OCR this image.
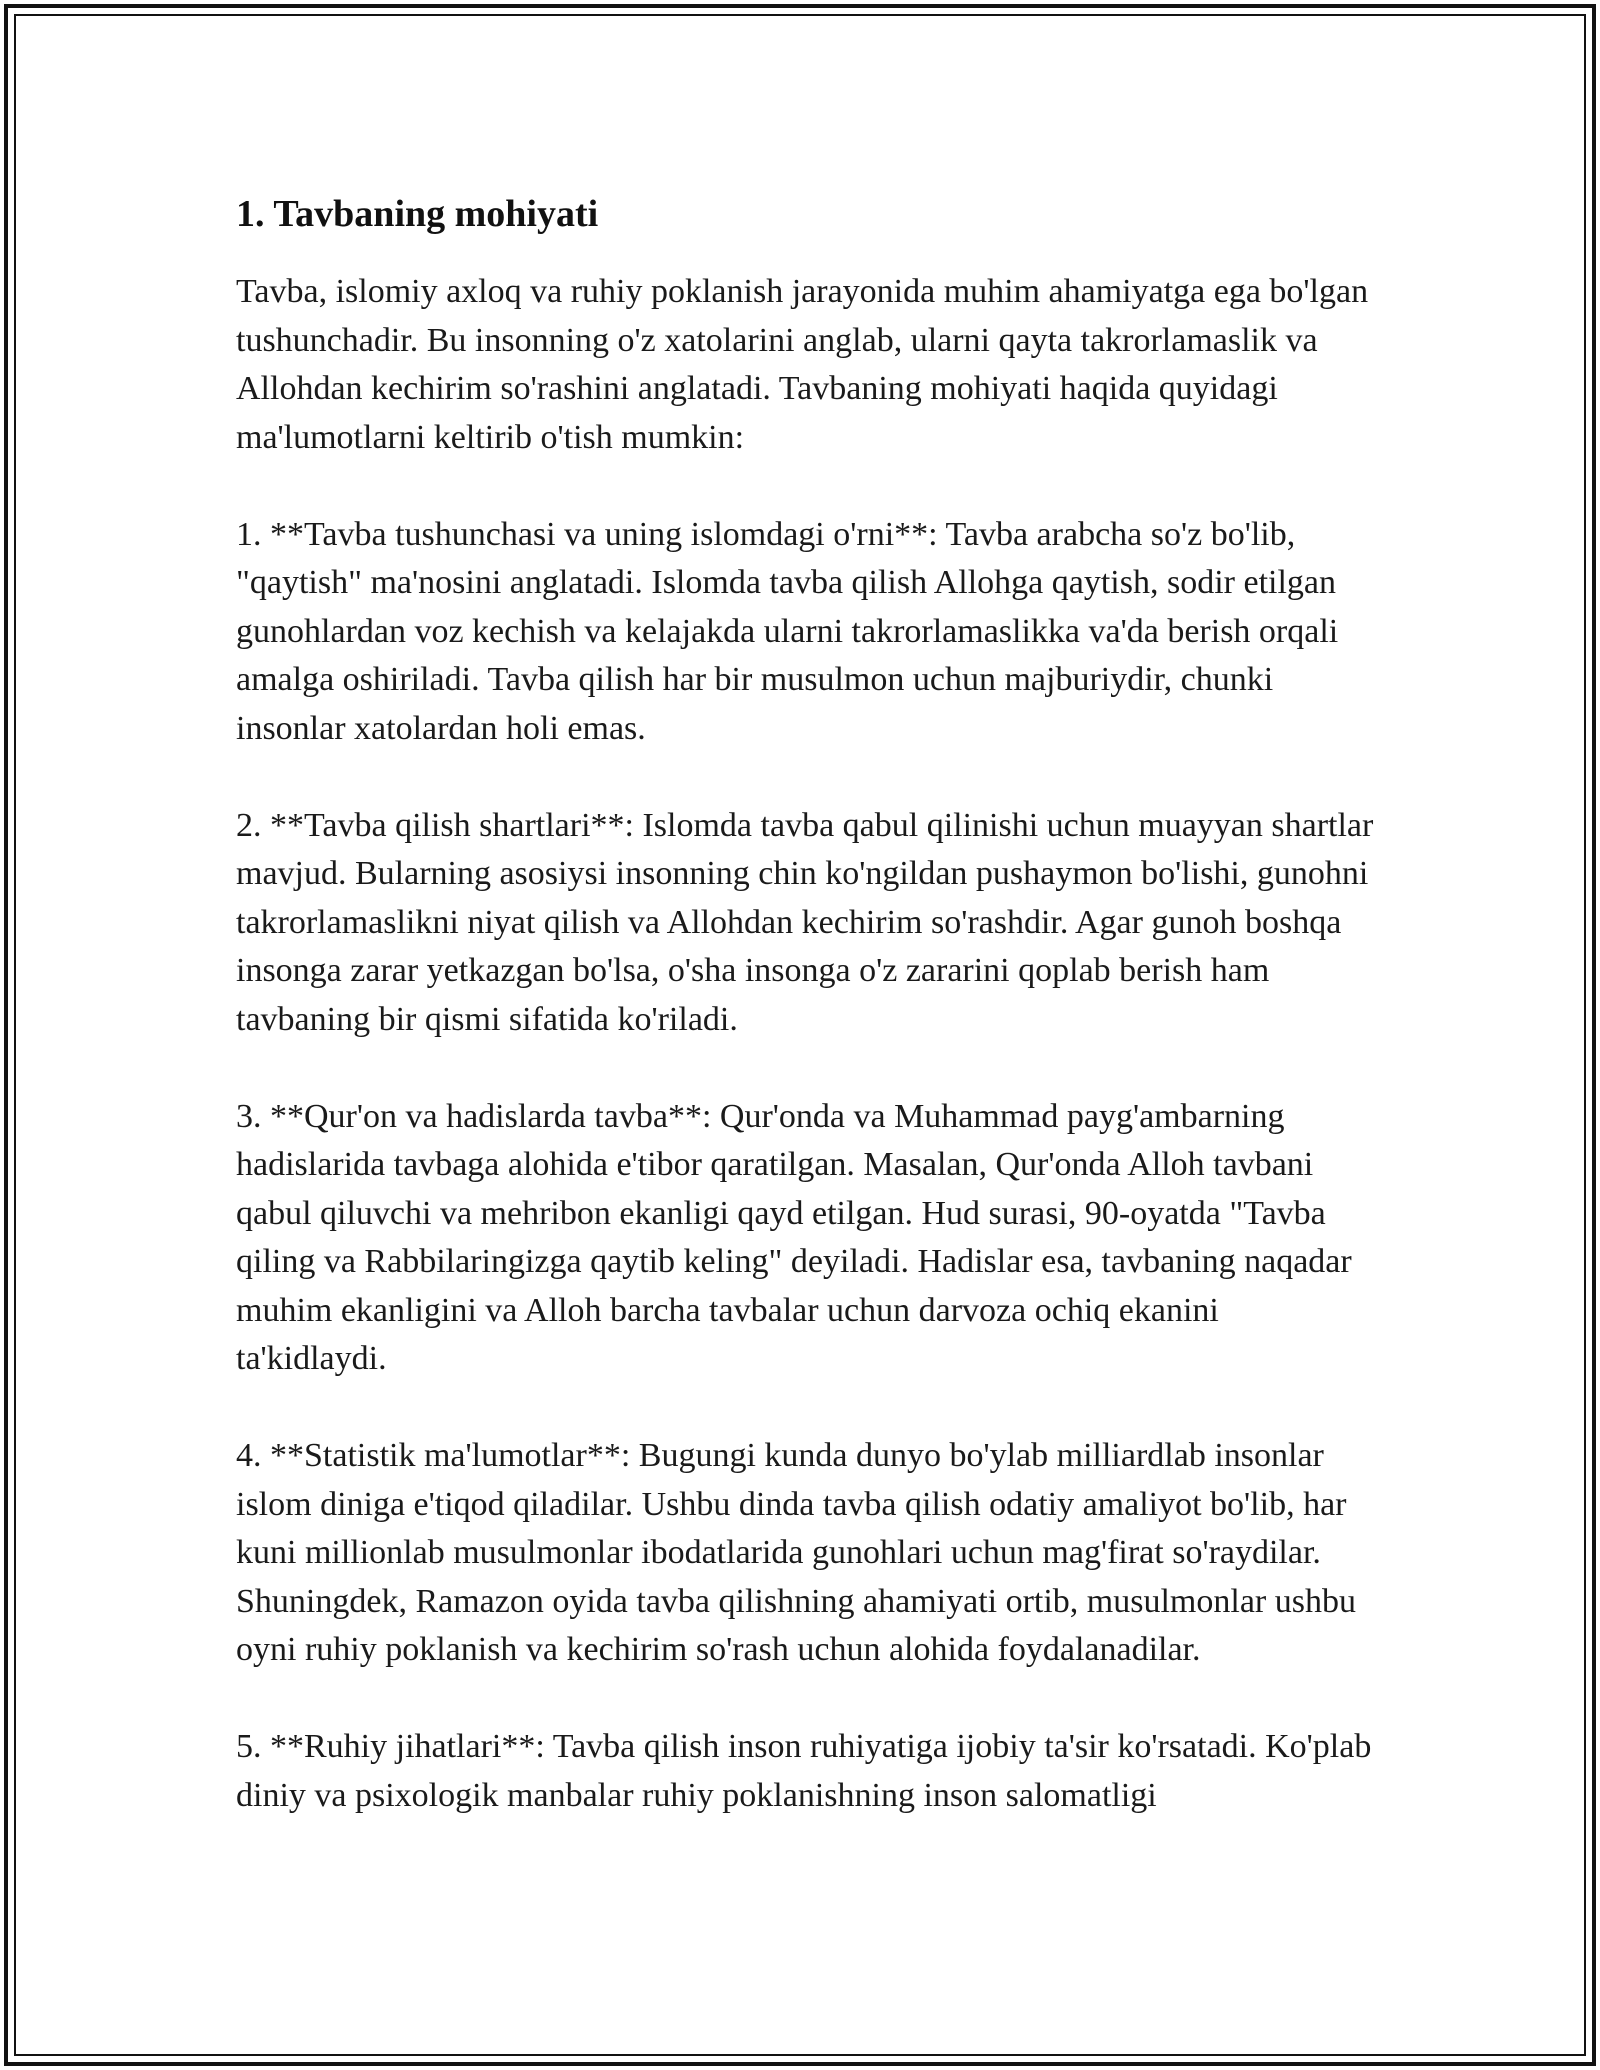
1. Tavbaning mohiyati

Tavba, islomiy axloq va ruhiy poklanish jarayonida muhim ahamiyatga ega bo'lgan tushunchadir. Bu insonning o'z xatolarini anglab, ularni qayta takrorlamaslik va Allohdan kechirim so'rashini anglatadi. Tavbaning mohiyati haqida quyidagi ma'lumotlarni keltirib o'tish mumkin:

1. **Tavba tushunchasi va uning islomdagi o'rni**: Tavba arabcha so'z bo'lib, "qaytish" ma'nosini anglatadi. Islomda tavba qilish Allohga qaytish, sodir etilgan gunohlardan voz kechish va kelajakda ularni takrorlamaslikka va'da berish orqali amalga oshiriladi. Tavba qilish har bir musulmon uchun majburiydir, chunki insonlar xatolardan holi emas.

2. **Tavba qilish shartlari**: Islomda tavba qabul qilinishi uchun muayyan shartlar mavjud. Bularning asosiysi insonning chin ko'ngildan pushaymon bo'lishi, gunohni takrorlamaslikni niyat qilish va Allohdan kechirim so'rashdir. Agar gunoh boshqa insonga zarar yetkazgan bo'lsa, o'sha insonga o'z zararini qoplab berish ham tavbaning bir qismi sifatida ko'riladi.

3. **Qur'on va hadislarda tavba**: Qur'onda va Muhammad payg'ambarning hadislarida tavbaga alohida e'tibor qaratilgan. Masalan, Qur'onda Alloh tavbani qabul qiluvchi va mehribon ekanligi qayd etilgan. Hud surasi, 90-oyatda "Tavba qiling va Rabbilaringizga qaytib keling" deyiladi. Hadislar esa, tavbaning naqadar muhim ekanligini va Alloh barcha tavbalar uchun darvoza ochiq ekanini ta'kidlaydi.

4. **Statistik ma'lumotlar**: Bugungi kunda dunyo bo'ylab milliardlab insonlar islom diniga e'tiqod qiladilar. Ushbu dinda tavba qilish odatiy amaliyot bo'lib, har kuni millionlab musulmonlar ibodatlarida gunohlari uchun mag'firat so'raydilar. Shuningdek, Ramazon oyida tavba qilishning ahamiyati ortib, musulmonlar ushbu oyni ruhiy poklanish va kechirim so'rash uchun alohida foydalanadilar.

5. **Ruhiy jihatlari**: Tavba qilish inson ruhiyatiga ijobiy ta'sir ko'rsatadi. Ko'plab diniy va psixologik manbalar ruhiy poklanishning inson salomatligi
